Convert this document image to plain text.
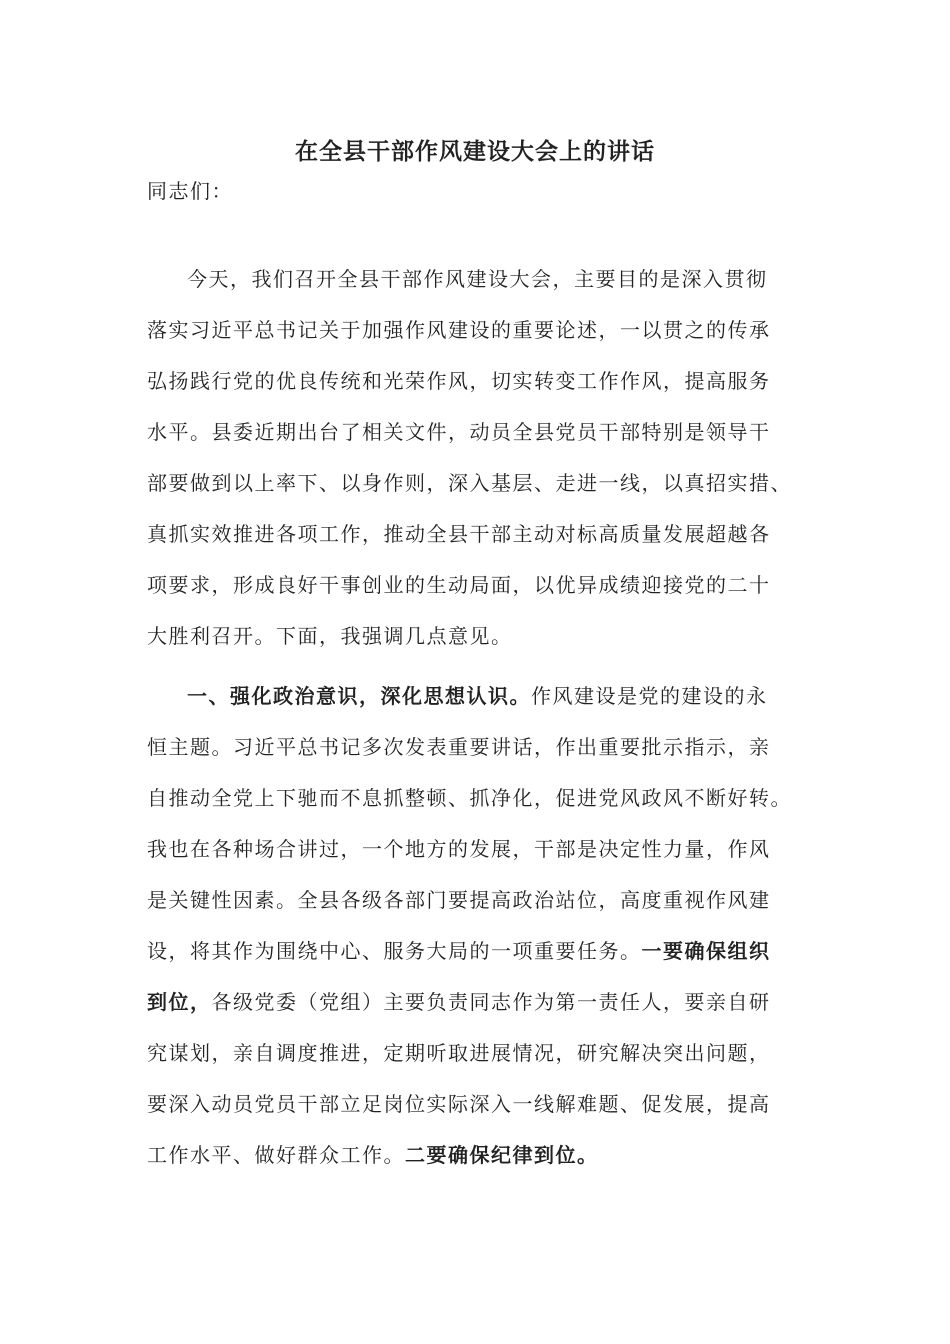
在全县干部作风建设大会上的讲话
同志们：
今天，我们召开全县干部作风建设大会，主要目的是深入贯彻
落实习近平总书记关于加强作风建设的重要论述，一以贯之的传承
弘扬践行党的优良传统和光荣作风，切实转变工作作风，提高服务
水平。县委近期出台了相关文件，动员全县党员干部特别是领导干
部要做到以上率下、以身作则，深入基层、走进一线，以真招实措、
真抓实效推进各项工作，推动全县干部主动对标高质量发展超越各
项要求，形成良好干事创业的生动局面，以优异成绩迎接党的二十
大胜利召开。下面，我强调几点意见。
一、强化政治意识，深化思想认识。作风建设是党的建设的永
恒主题。习近平总书记多次发表重要讲话，作出重要批示指示，亲
自推动全党上下驰而不息抓整顿、抓净化，促进党风政风不断好转。
我也在各种场合讲过，一个地方的发展，干部是决定性力量，作风
是关键性因素。全县各级各部门要提高政治站位，高度重视作风建
设，将其作为围绕中心、服务大局的一项重要任务。一要确保组织
到位，各级党委（党组）主要负责同志作为第一责任人，要亲自研
究谋划，亲自调度推进，定期听取进展情况，研究解决突出问题，
要深入动员党员干部立足岗位实际深入一线解难题、促发展，提高
工作水平、做好群众工作。二要确保纪律到位。
